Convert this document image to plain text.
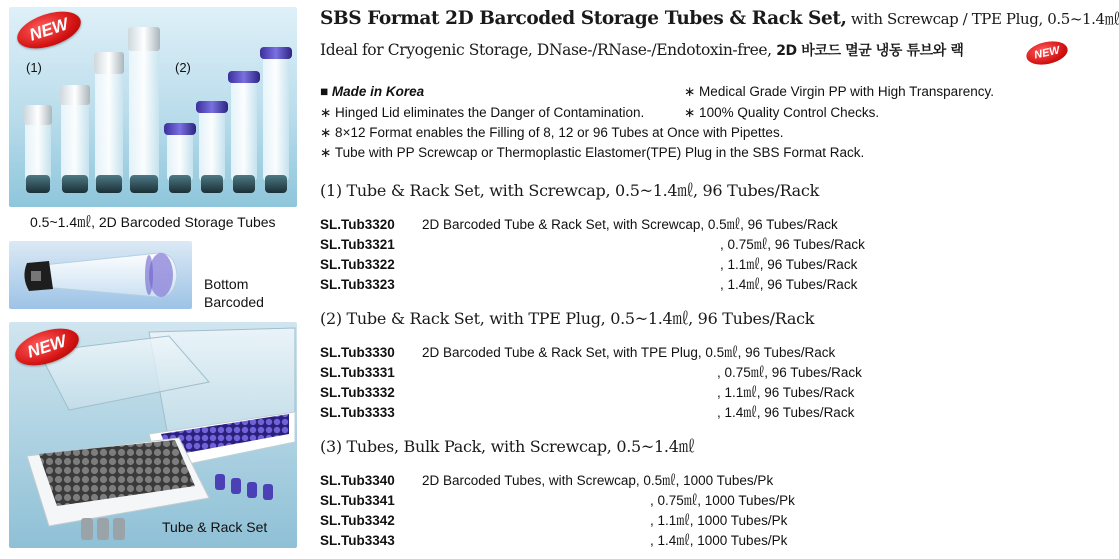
NEW
(1)	(2)
0.5~1.4㎖, 2D Barcoded Storage Tubes
Bottom
Barcoded
NEW
Tube & Rack Set
SBS Format 2D Barcoded Storage Tubes & Rack Set, with Screwcap / TPE Plug, 0.5~1.4㎖
Ideal for Cryogenic Storage, DNase-/RNase-/Endotoxin-free, 2D 바코드 멸균 냉동 튜브와 랙	NEW
■ Made in Korea	∗ Medical Grade Virgin PP with High Transparency.
∗ Hinged Lid eliminates the Danger of Contamination.	∗ 100% Quality Control Checks.
∗ 8×12 Format enables the Filling of 8, 12 or 96 Tubes at Once with Pipettes.
∗ Tube with PP Screwcap or Thermoplastic Elastomer(TPE) Plug in the SBS Format Rack.
(1) Tube & Rack Set, with Screwcap, 0.5~1.4㎖, 96 Tubes/Rack
SL.Tub3320 2D Barcoded Tube & Rack Set, with Screwcap, 0.5㎖, 96 Tubes/Rack
SL.Tub3321	, 0.75㎖, 96 Tubes/Rack
SL.Tub3322	, 1.1㎖, 96 Tubes/Rack
SL.Tub3323	, 1.4㎖, 96 Tubes/Rack
(2) Tube & Rack Set, with TPE Plug, 0.5~1.4㎖, 96 Tubes/Rack
SL.Tub3330 2D Barcoded Tube & Rack Set, with TPE Plug, 0.5㎖, 96 Tubes/Rack
SL.Tub3331	, 0.75㎖, 96 Tubes/Rack
SL.Tub3332	, 1.1㎖, 96 Tubes/Rack
SL.Tub3333	, 1.4㎖, 96 Tubes/Rack
(3) Tubes, Bulk Pack, with Screwcap, 0.5~1.4㎖
SL.Tub3340 2D Barcoded Tubes, with Screwcap, 0.5㎖, 1000 Tubes/Pk
SL.Tub3341	, 0.75㎖, 1000 Tubes/Pk
SL.Tub3342	, 1.1㎖, 1000 Tubes/Pk
SL.Tub3343	, 1.4㎖, 1000 Tubes/Pk
